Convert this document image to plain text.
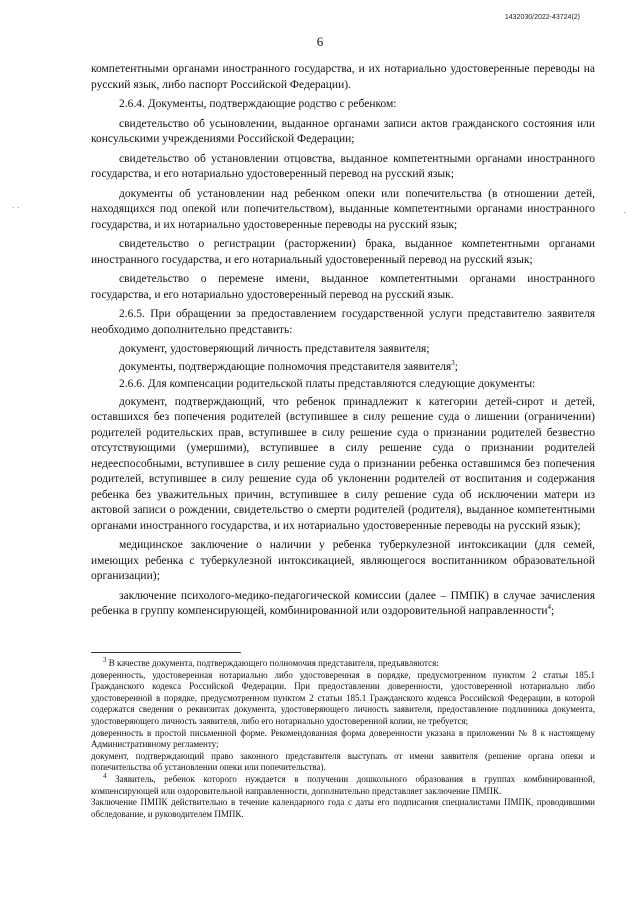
1432030/2022-43724(2)
6
. .	.

компетентными органами иностранного государства, и их нотариально удостоверенные переводы на русский язык, либо паспорт Российской Федерации).

2.6.4. Документы, подтверждающие родство с ребенком:

свидетельство об усыновлении, выданное органами записи актов гражданского состояния или консульскими учреждениями Российской Федерации;

свидетельство об установлении отцовства, выданное компетентными органами иностранного государства, и его нотариально удостоверенный перевод на русский язык;

документы об установлении над ребенком опеки или попечительства (в отношении детей, находящихся под опекой или попечительством), выданные компетентными органами иностранного государства, и их нотариально удостоверенные переводы на русский язык;

свидетельство о регистрации (расторжении) брака, выданное компетентными органами иностранного государства, и его нотариальный удостоверенный перевод на русский язык;

свидетельство о перемене имени, выданное компетентными органами иностранного государства, и его нотариально удостоверенный перевод на русский язык.

2.6.5. При обращении за предоставлением государственной услуги представителю заявителя необходимо дополнительно представить:

документ, удостоверяющий личность представителя заявителя;

документы, подтверждающие полномочия представителя заявителя$^3$;

2.6.6. Для компенсации родительской платы представляются следующие документы:

документ, подтверждающий, что ребенок принадлежит к категории детей-сирот и детей, оставшихся без попечения родителей (вступившее в силу решение суда о лишении (ограничении) родителей родительских прав, вступившее в силу решение суда о признании родителей безвестно отсутствующими (умершими), вступившее в силу решение суда о признании родителей недееспособными, вступившее в силу решение суда о признании ребенка оставшимся без попечения родителей, вступившее в силу решение суда об уклонении родителей от воспитания и содержания ребенка без уважительных причин, вступившее в силу решение суда об исключении матери из актовой записи о рождении, свидетельство о смерти родителей (родителя), выданное компетентными органами иностранного государства, и их нотариально удостоверенные переводы на русский язык);

медицинское заключение о наличии у ребенка туберкулезной интоксикации (для семей, имеющих ребенка с туберкулезной интоксикацией, являющегося воспитанником образовательной организации);

заключение психолого-медико-педагогической комиссии (далее – ПМПК) в случае зачисления ребенка в группу компенсирующей, комбинированной или оздоровительной направленности$^4$;

$^3$ В качестве документа, подтверждающего полномочия представителя, предъявляются:

доверенность, удостоверенная нотариально либо удостоверенная в порядке, предусмотренном пунктом 2 статьи 185.1 Гражданского кодекса Российской Федерации. При предоставлении доверенности, удостоверенной нотариально либо удостоверенной в порядке, предусмотренном пунктом 2 статьи 185.1 Гражданского кодекса Российской Федерации, в которой содержатся сведения о реквизитах документа, удостоверяющего личность заявителя, предоставление подлинника документа, удостоверяющего личность заявителя, либо его нотариально удостоверенной копии, не требуется;

доверенность в простой письменной форме. Рекомендованная форма доверенности указана в приложении № 8 к настоящему Административному регламенту;

документ, подтверждающий право законного представителя выступать от имени заявителя (решение органа опеки и попечительства об установлении опеки или попечительства).

$^4$ Заявитель, ребенок которого нуждается в получении дошкольного образования в группах комбинированной, компенсирующей или оздоровительной направленности, дополнительно представляет заключение ПМПК.

Заключение ПМПК действительно в течение календарного года с даты его подписания специалистами ПМПК, проводившими обследование, и руководителем ПМПК.
